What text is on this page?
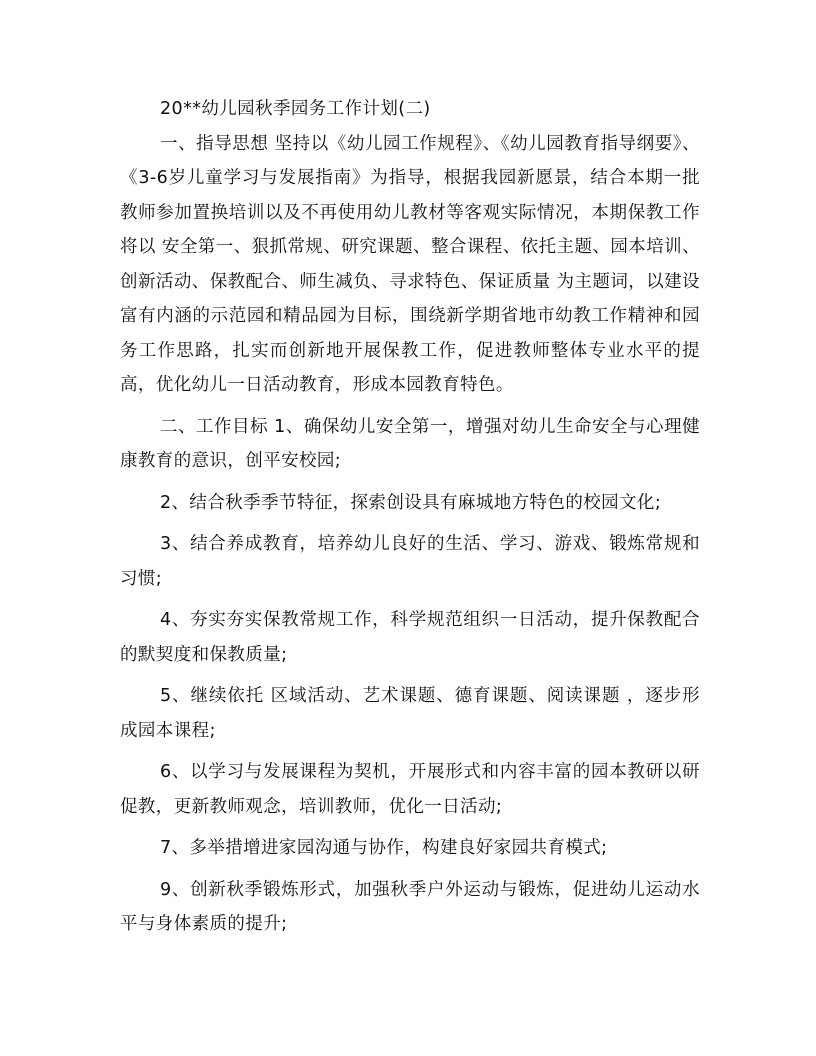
20**幼儿园秋季园务工作计划(二)

一、指导思想 坚持以《幼儿园工作规程》、《幼儿园教育指导纲要》、《3-6岁儿童学习与发展指南》为指导，根据我园新愿景，结合本期一批教师参加置换培训以及不再使用幼儿教材等客观实际情况，本期保教工作将以 安全第一、狠抓常规、研究课题、整合课程、依托主题、园本培训、创新活动、保教配合、师生减负、寻求特色、保证质量 为主题词，以建设富有内涵的示范园和精品园为目标，围绕新学期省地市幼教工作精神和园务工作思路，扎实而创新地开展保教工作，促进教师整体专业水平的提高，优化幼儿一日活动教育，形成本园教育特色。

二、工作目标 1、确保幼儿安全第一，增强对幼儿生命安全与心理健康教育的意识，创平安校园;

2、结合秋季季节特征，探索创设具有麻城地方特色的校园文化;

3、结合养成教育，培养幼儿良好的生活、学习、游戏、锻炼常规和习惯;

4、夯实夯实保教常规工作，科学规范组织一日活动，提升保教配合的默契度和保教质量;

5、继续依托 区域活动、艺术课题、德育课题、阅读课题 ，逐步形成园本课程;

6、以学习与发展课程为契机，开展形式和内容丰富的园本教研以研促教，更新教师观念，培训教师，优化一日活动;

7、多举措增进家园沟通与协作，构建良好家园共育模式;

9、创新秋季锻炼形式，加强秋季户外运动与锻炼，促进幼儿运动水平与身体素质的提升;
